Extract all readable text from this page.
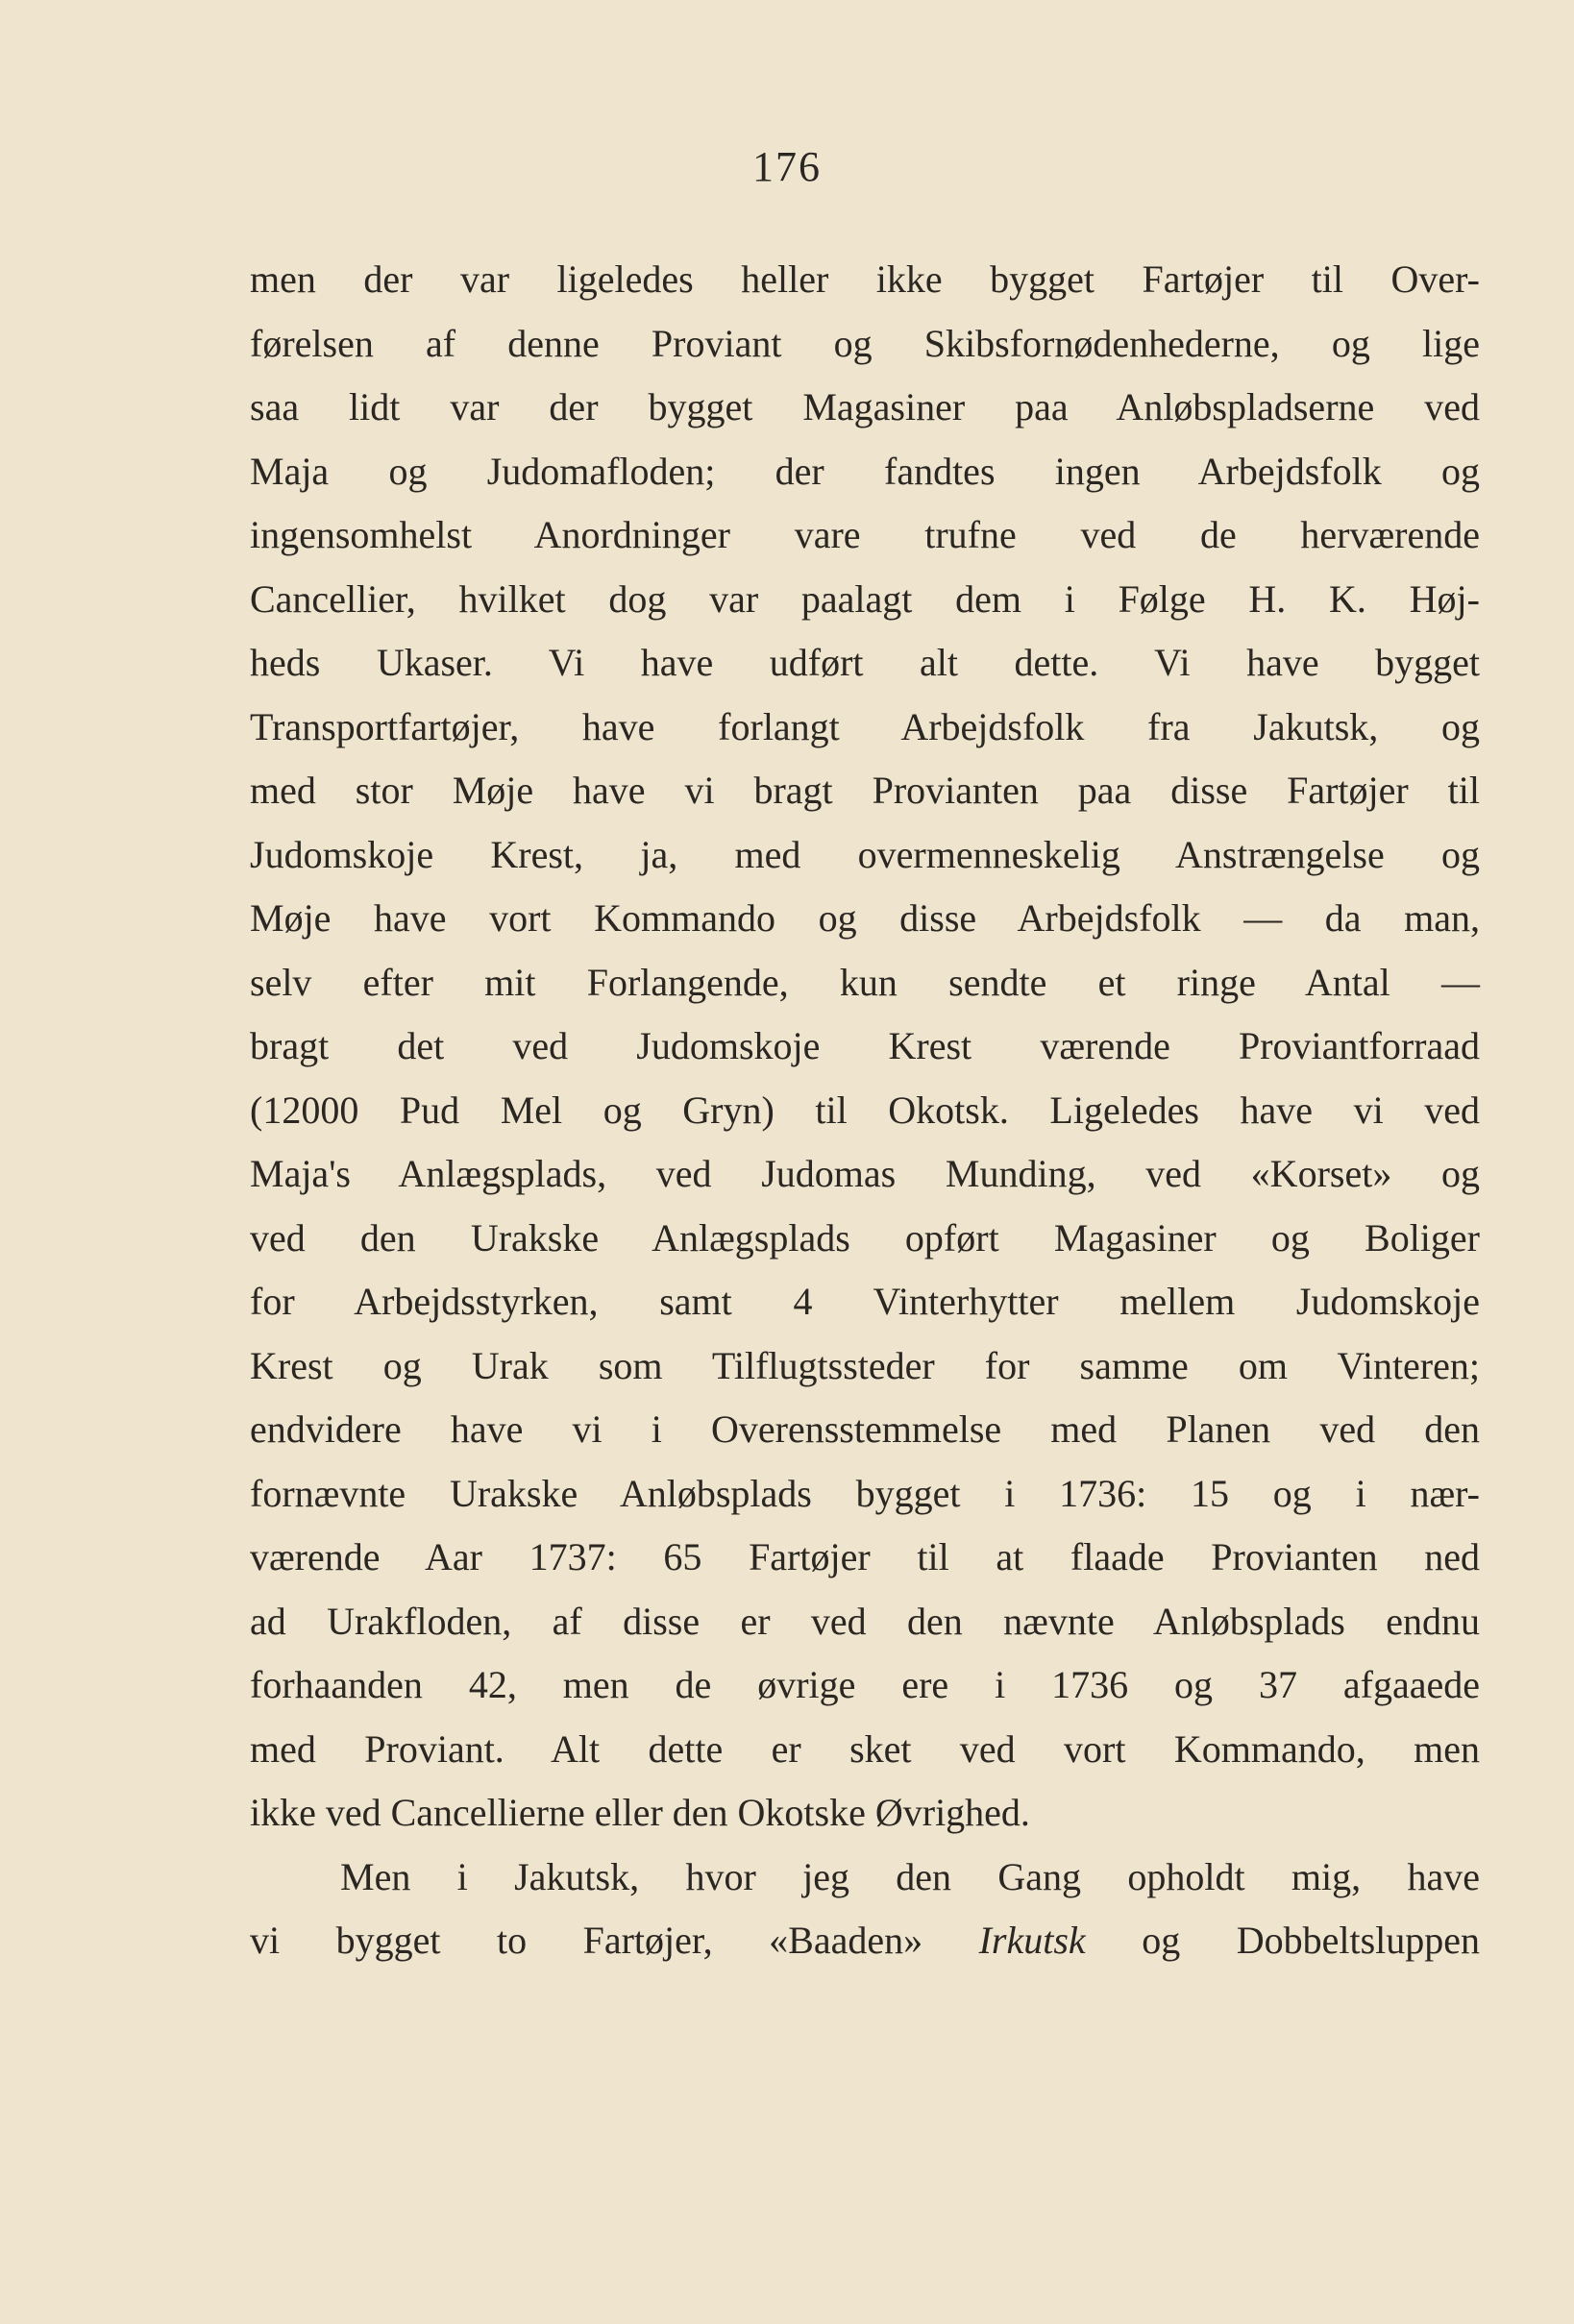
176
men der var ligeledes heller ikke bygget Fartøjer til Over-
førelsen af denne Proviant og Skibsfornødenhederne, og lige
saa lidt var der bygget Magasiner paa Anløbspladserne ved
Maja og Judomafloden; der fandtes ingen Arbejdsfolk og
ingensomhelst Anordninger vare trufne ved de herværende
Cancellier, hvilket dog var paalagt dem i Følge H. K. Høj-
heds Ukaser. Vi have udført alt dette. Vi have bygget
Transportfartøjer, have forlangt Arbejdsfolk fra Jakutsk, og
med stor Møje have vi bragt Provianten paa disse Fartøjer til
Judomskoje Krest, ja, med overmenneskelig Anstrængelse og
Møje have vort Kommando og disse Arbejdsfolk — da man,
selv efter mit Forlangende, kun sendte et ringe Antal —
bragt det ved Judomskoje Krest værende Proviantforraad
(12000 Pud Mel og Gryn) til Okotsk. Ligeledes have vi ved
Maja's Anlægsplads, ved Judomas Munding, ved «Korset» og
ved den Urakske Anlægsplads opført Magasiner og Boliger
for Arbejdsstyrken, samt 4 Vinterhytter mellem Judomskoje
Krest og Urak som Tilflugtssteder for samme om Vinteren;
endvidere have vi i Overensstemmelse med Planen ved den
fornævnte Urakske Anløbsplads bygget i 1736: 15 og i nær-
værende Aar 1737: 65 Fartøjer til at flaade Provianten ned
ad Urakfloden, af disse er ved den nævnte Anløbsplads endnu
forhaanden 42, men de øvrige ere i 1736 og 37 afgaaede
med Proviant. Alt dette er sket ved vort Kommando, men
ikke ved Cancellierne eller den Okotske Øvrighed.
Men i Jakutsk, hvor jeg den Gang opholdt mig, have
vi bygget to Fartøjer, «Baaden» Irkutsk og Dobbeltsluppen
